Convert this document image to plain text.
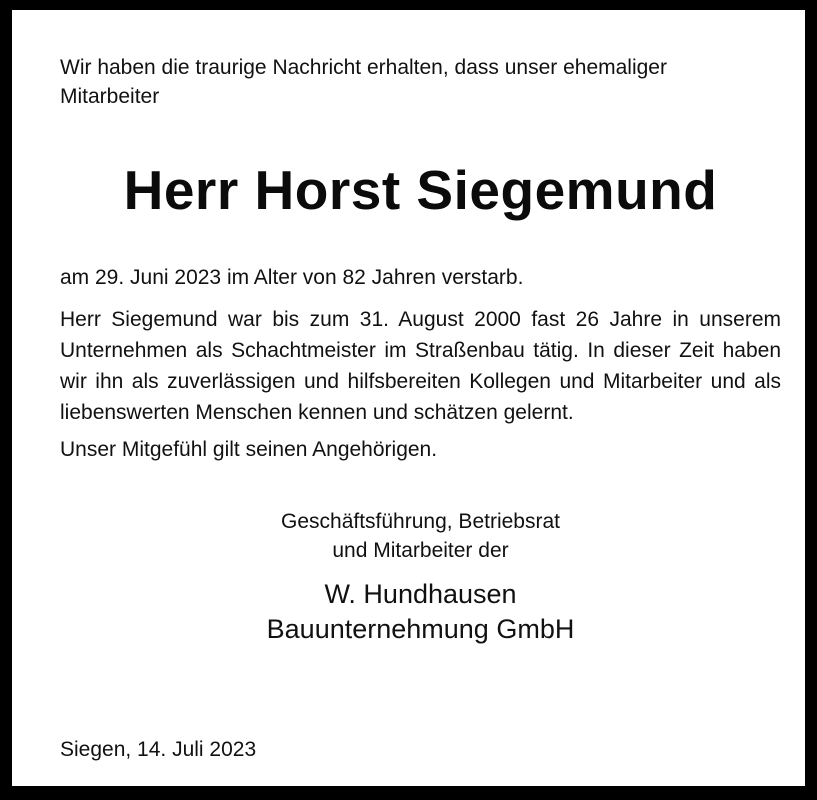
Wir haben die traurige Nachricht erhalten, dass unser ehemaliger
Mitarbeiter

Herr Horst Siegemund

am 29. Juni 2023 im Alter von 82 Jahren verstarb.

Herr Siegemund war bis zum 31. August 2000 fast 26 Jahre in unserem Unternehmen als Schachtmeister im Straßenbau tätig. In dieser Zeit haben wir ihn als zuverlässigen und hilfsbereiten Kollegen und Mitarbeiter und als liebenswerten Menschen kennen und schätzen gelernt.

Unser Mitgefühl gilt seinen Angehörigen.

Geschäftsführung, Betriebsrat
und Mitarbeiter der

W. Hundhausen
Bauunternehmung GmbH

Siegen, 14. Juli 2023
